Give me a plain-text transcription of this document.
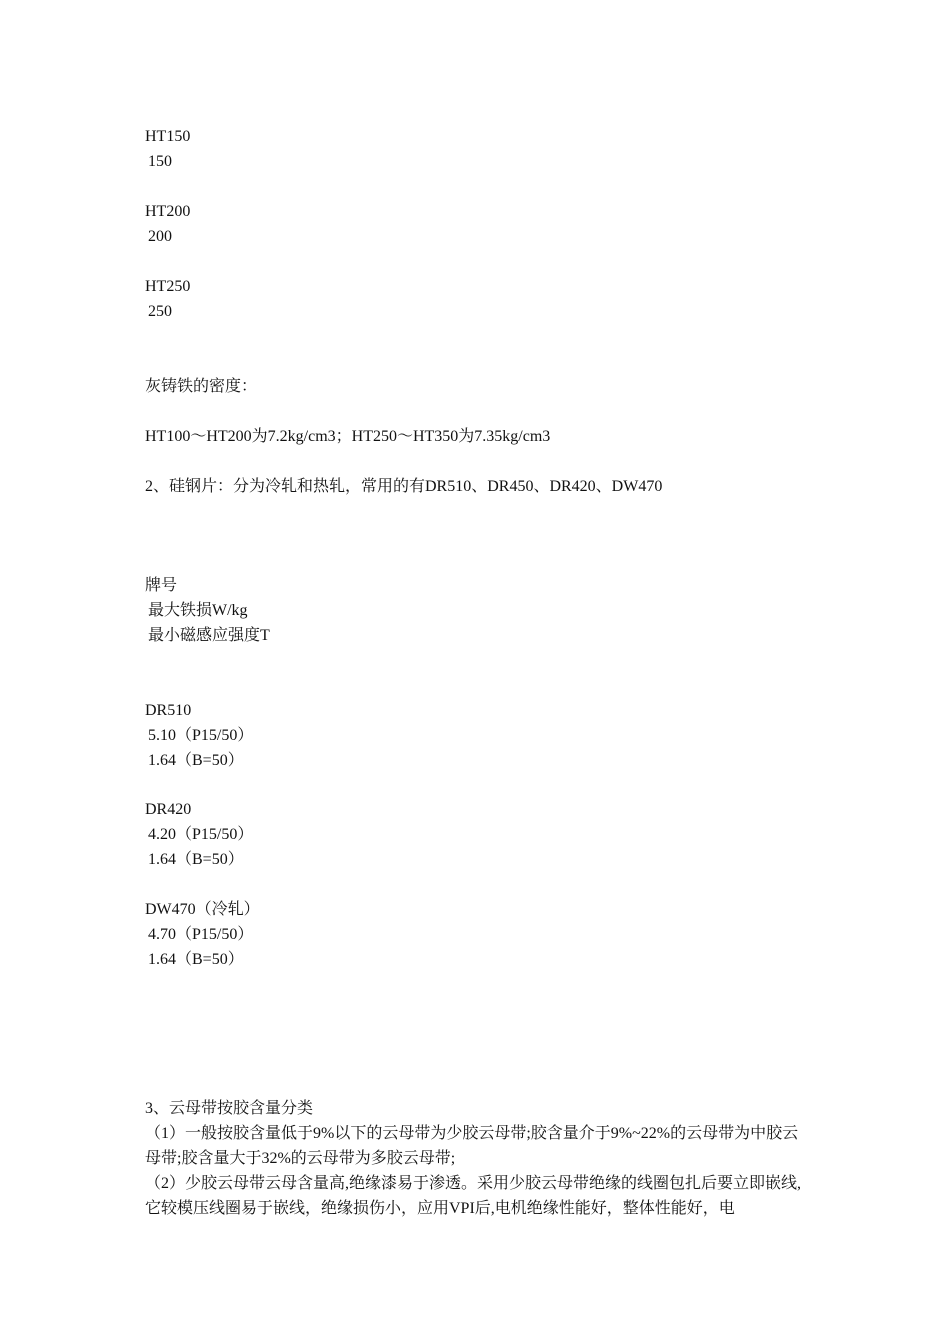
HT150
150
HT200
200
HT250
250
灰铸铁的密度：
HT100～HT200为7.2kg/cm3；HT250～HT350为7.35kg/cm3
2、硅钢片：分为冷轧和热轧，常用的有DR510、DR450、DR420、DW470
牌号
最大铁损W/kg
最小磁感应强度T
DR510
5.10（P15/50）
1.64（B=50）
DR420
4.20（P15/50）
1.64（B=50）
DW470（冷轧）
4.70（P15/50）
1.64（B=50）
3、云母带按胶含量分类
（1）一般按胶含量低于9%以下的云母带为少胶云母带;胶含量介于9%~22%的云母带为中胶云母带;胶含量大于32%的云母带为多胶云母带;
（2）少胶云母带云母含量高,绝缘漆易于渗透。采用少胶云母带绝缘的线圈包扎后要立即嵌线,它较模压线圈易于嵌线，绝缘损伤小，应用VPI后,电机绝缘性能好，整体性能好，电
